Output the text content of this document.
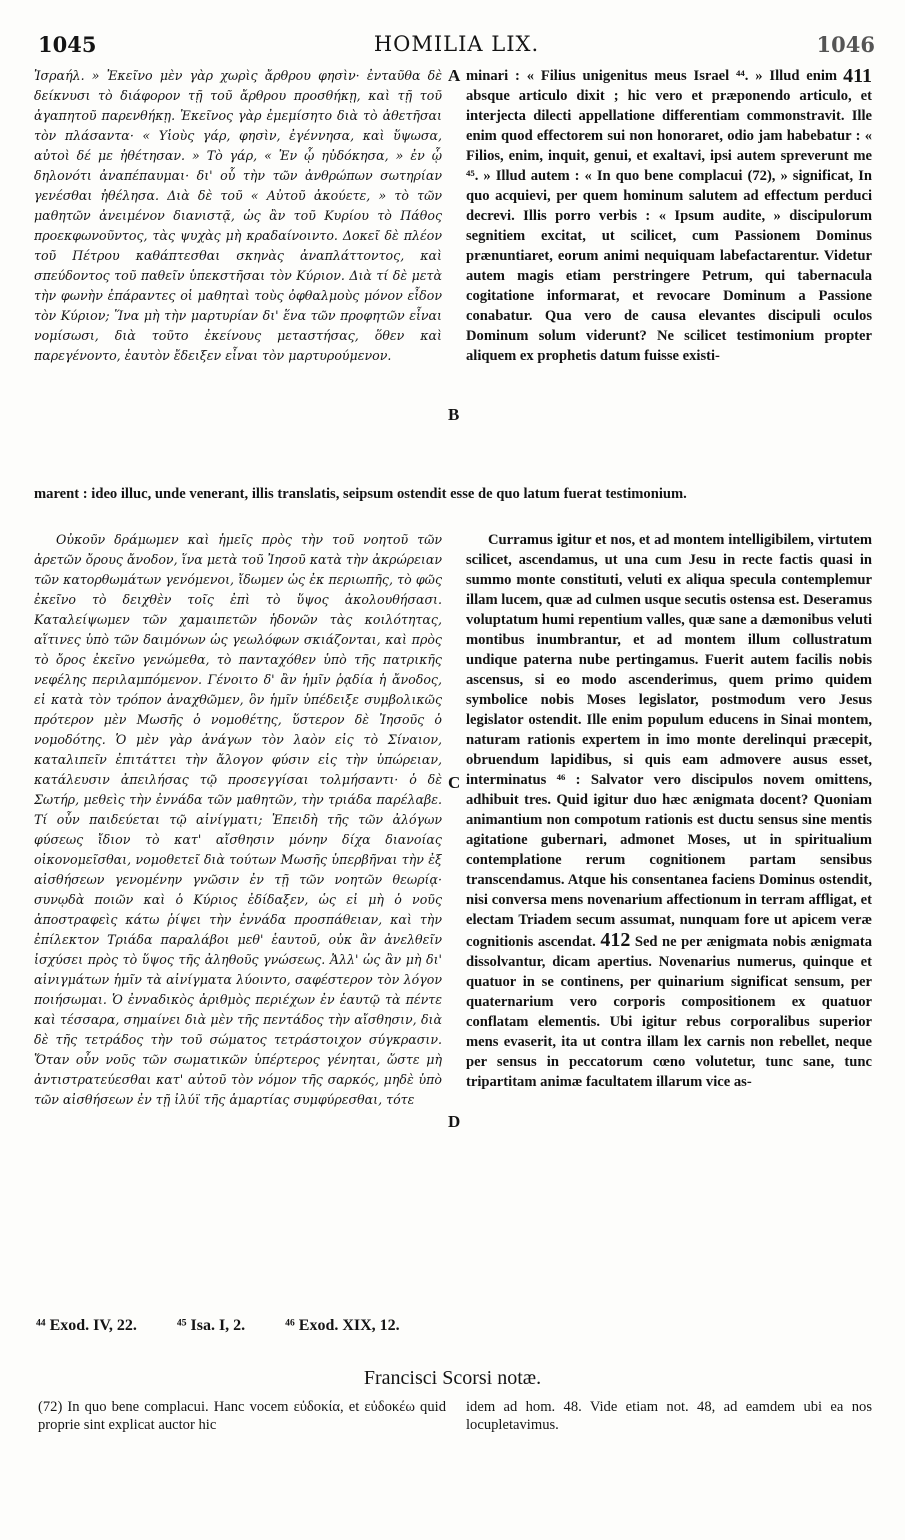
1045	HOMILIA LIX.	1046

Ἰσραήλ. » Ἐκεῖνο μὲν γὰρ χωρὶς ἄρθρου φησὶν· ἐνταῦθα δὲ δείκνυσι τὸ διάφορον τῇ τοῦ ἄρθρου προσθήκῃ, καὶ τῇ τοῦ ἀγαπητοῦ παρενθήκῃ. Ἐκεῖνος γὰρ ἐμεμίσητο διὰ τὸ ἀθετῆσαι τὸν πλάσαντα· « Υἱοὺς γάρ, φησὶν, ἐγέννησα, καὶ ὕψωσα, αὐτοὶ δέ με ἠθέτησαν. » Τὸ γάρ, « Ἐν ᾧ ηὐδόκησα, » ἐν ᾧ δηλονότι ἀναπέπαυμαι· δι' οὗ τὴν τῶν ἀνθρώπων σωτηρίαν γενέσθαι ἠθέλησα. Διὰ δὲ τοῦ « Αὐτοῦ ἀκούετε, » τὸ τῶν μαθητῶν ἀνειμένον διανιστᾷ, ὡς ἂν τοῦ Κυρίου τὸ Πάθος προεκφωνοῦντος, τὰς ψυχὰς μὴ κραδαίνοιντο. Δοκεῖ δὲ πλέον τοῦ Πέτρου καθάπτεσθαι σκηνὰς ἀναπλάττοντος, καὶ σπεύδοντος τοῦ παθεῖν ὑπεκστῆσαι τὸν Κύριον. Διὰ τί δὲ μετὰ τὴν φωνὴν ἐπάραντες οἱ μαθηταὶ τοὺς ὀφθαλμοὺς μόνον εἶδον τὸν Κύριον; Ἵνα μὴ τὴν μαρτυρίαν δι' ἕνα τῶν προφητῶν εἶναι νομίσωσι, διὰ τοῦτο ἐκείνους μεταστήσας, ὅθεν καὶ παρεγένοντο, ἑαυτὸν ἔδειξεν εἶναι τὸν μαρτυρούμενον.

A
B
411

minari : « Filius unigenitus meus Israel ⁴⁴. » Illud enim absque articulo dixit ; hic vero et præponendo articulo, et interjecta dilecti appellatione differentiam commonstravit. Ille enim quod effectorem sui non honoraret, odio jam habebatur : « Filios, enim, inquit, genui, et exaltavi, ipsi autem spreverunt me ⁴⁵. » Illud autem : « In quo bene complacui (72), » significat, In quo acquievi, per quem hominum salutem ad effectum perduci decrevi. Illis porro verbis : « Ipsum audite, » discipulorum segnitiem excitat, ut scilicet, cum Passionem Dominus prænuntiaret, eorum animi nequiquam labefactarentur. Videtur autem magis etiam perstringere Petrum, qui tabernacula cogitatione informarat, et revocare Dominum a Passione conabatur. Qua vero de causa elevantes discipuli oculos Dominum solum viderunt? Ne scilicet testimonium propter aliquem ex prophetis datum fuisse existi-

marent : ideo illuc, unde venerant, illis translatis, seipsum ostendit esse de quo latum fuerat testimonium.

Οὐκοῦν δράμωμεν καὶ ἡμεῖς πρὸς τὴν τοῦ νοητοῦ τῶν ἀρετῶν ὄρους ἄνοδον, ἵνα μετὰ τοῦ Ἰησοῦ κατὰ τὴν ἀκρώρειαν τῶν κατορθωμάτων γενόμενοι, ἴδωμεν ὡς ἐκ περιωπῆς, τὸ φῶς ἐκεῖνο τὸ δειχθὲν τοῖς ἐπὶ τὸ ὕψος ἀκολουθήσασι. Καταλείψωμεν τῶν χαμαιπετῶν ἡδονῶν τὰς κοιλότητας, αἵτινες ὑπὸ τῶν δαιμόνων ὡς γεωλόφων σκιάζονται, καὶ πρὸς τὸ ὄρος ἐκεῖνο γενώμεθα, τὸ πανταχόθεν ὑπὸ τῆς πατρικῆς νεφέλης περιλαμπόμενον. Γένοιτο δ' ἂν ἡμῖν ῥᾳδία ἡ ἄνοδος, εἰ κατὰ τὸν τρόπον ἀναχθῶμεν, ὃν ἡμῖν ὑπέδειξε συμβολικῶς πρότερον μὲν Μωσῆς ὁ νομοθέτης, ὕστερον δὲ Ἰησοῦς ὁ νομοδότης. Ὁ μὲν γὰρ ἀνάγων τὸν λαὸν εἰς τὸ Σίναιον, καταλιπεῖν ἐπιτάττει τὴν ἄλογον φύσιν εἰς τὴν ὑπώρειαν, κατάλευσιν ἀπειλήσας τῷ προσεγγίσαι τολμήσαντι· ὁ δὲ Σωτήρ, μεθεὶς τὴν ἐννάδα τῶν μαθητῶν, τὴν τριάδα παρέλαβε. Τί οὖν παιδεύεται τῷ αἰνίγματι; Ἐπειδὴ τῆς τῶν ἀλόγων φύσεως ἴδιον τὸ κατ' αἴσθησιν μόνην δίχα διανοίας οἰκονομεῖσθαι, νομοθετεῖ διὰ τούτων Μωσῆς ὑπερβῆναι τὴν ἐξ αἰσθήσεων γενομένην γνῶσιν ἐν τῇ τῶν νοητῶν θεωρίᾳ· συνῳδὰ ποιῶν καὶ ὁ Κύριος ἐδίδαξεν, ὡς εἰ μὴ ὁ νοῦς ἀποστραφεὶς κάτω ῥίψει τὴν ἐννάδα προσπάθειαν, καὶ τὴν ἐπίλεκτον Τριάδα παραλάβοι μεθ' ἑαυτοῦ, οὐκ ἂν ἀνελθεῖν ἰσχύσει πρὸς τὸ ὕψος τῆς ἀληθοῦς γνώσεως. Ἀλλ' ὡς ἂν μὴ δι' αἰνιγμάτων ἡμῖν τὰ αἰνίγματα λύοιντο, σαφέστερον τὸν λόγον ποιήσωμαι. Ὁ ἐνναδικὸς ἀριθμὸς περιέχων ἐν ἑαυτῷ τὰ πέντε καὶ τέσσαρα, σημαίνει διὰ μὲν τῆς πεντάδος τὴν αἴσθησιν, διὰ δὲ τῆς τετράδος τὴν τοῦ σώματος τετράστοιχον σύγκρασιν. Ὅταν οὖν νοῦς τῶν σωματικῶν ὑπέρτερος γένηται, ὥστε μὴ ἀντιστρατεύεσθαι κατ' αὐτοῦ τὸν νόμον τῆς σαρκός, μηδὲ ὑπὸ τῶν αἰσθήσεων ἐν τῇ ἰλύϊ τῆς ἁμαρτίας συμφύρεσθαι, τότε

C
D

Curramus igitur et nos, et ad montem intelligibilem, virtutem scilicet, ascendamus, ut una cum Jesu in recte factis quasi in summo monte constituti, veluti ex aliqua specula contemplemur illam lucem, quæ ad culmen usque secutis ostensa est. Deseramus voluptatum humi repentium valles, quæ sane a dæmonibus veluti montibus inumbrantur, et ad montem illum collustratum undique paterna nube pertingamus. Fuerit autem facilis nobis ascensus, si eo modo ascenderimus, quem primo quidem symbolice nobis Moses legislator, postmodum vero Jesus legislator ostendit. Ille enim populum educens in Sinai montem, naturam rationis expertem in imo monte derelinqui præcepit, obruendum lapidibus, si quis eam admovere ausus esset, interminatus ⁴⁶ : Salvator vero discipulos novem omittens, adhibuit tres. Quid igitur duo hæc ænigmata docent? Quoniam animantium non compotum rationis est ductu sensus sine mentis agitatione gubernari, admonet Moses, ut in spiritualium contemplatione rerum cognitionem partam sensibus transcendamus. Atque his consentanea faciens Dominus ostendit, nisi conversa mens novenarium affectionum in terram affligat, et electam Triadem secum assumat, nunquam fore ut apicem veræ cognitionis ascendat. 412 Sed ne per ænigmata nobis ænigmata dissolvantur, dicam apertius. Novenarius numerus, quinque et quatuor in se continens, per quinarium significat sensum, per quaternarium vero corporis compositionem ex quatuor conflatam elementis. Ubi igitur rebus corporalibus superior mens evaserit, ita ut contra illam lex carnis non rebellet, neque per sensus in peccatorum cœno volutetur, tunc sane, tunc tripartitam animæ facultatem illarum vice as-

⁴⁴ Exod. IV, 22.	⁴⁵ Isa. I, 2.	⁴⁶ Exod. XIX, 12.
Francisci Scorsi notæ.
(72) In quo bene complacui. Hanc vocem εὐδοκία, et εὐδοκέω quid proprie sint explicat auctor hic
idem ad hom. 48. Vide etiam not. 48, ad eamdem ubi ea nos locupletavimus.
